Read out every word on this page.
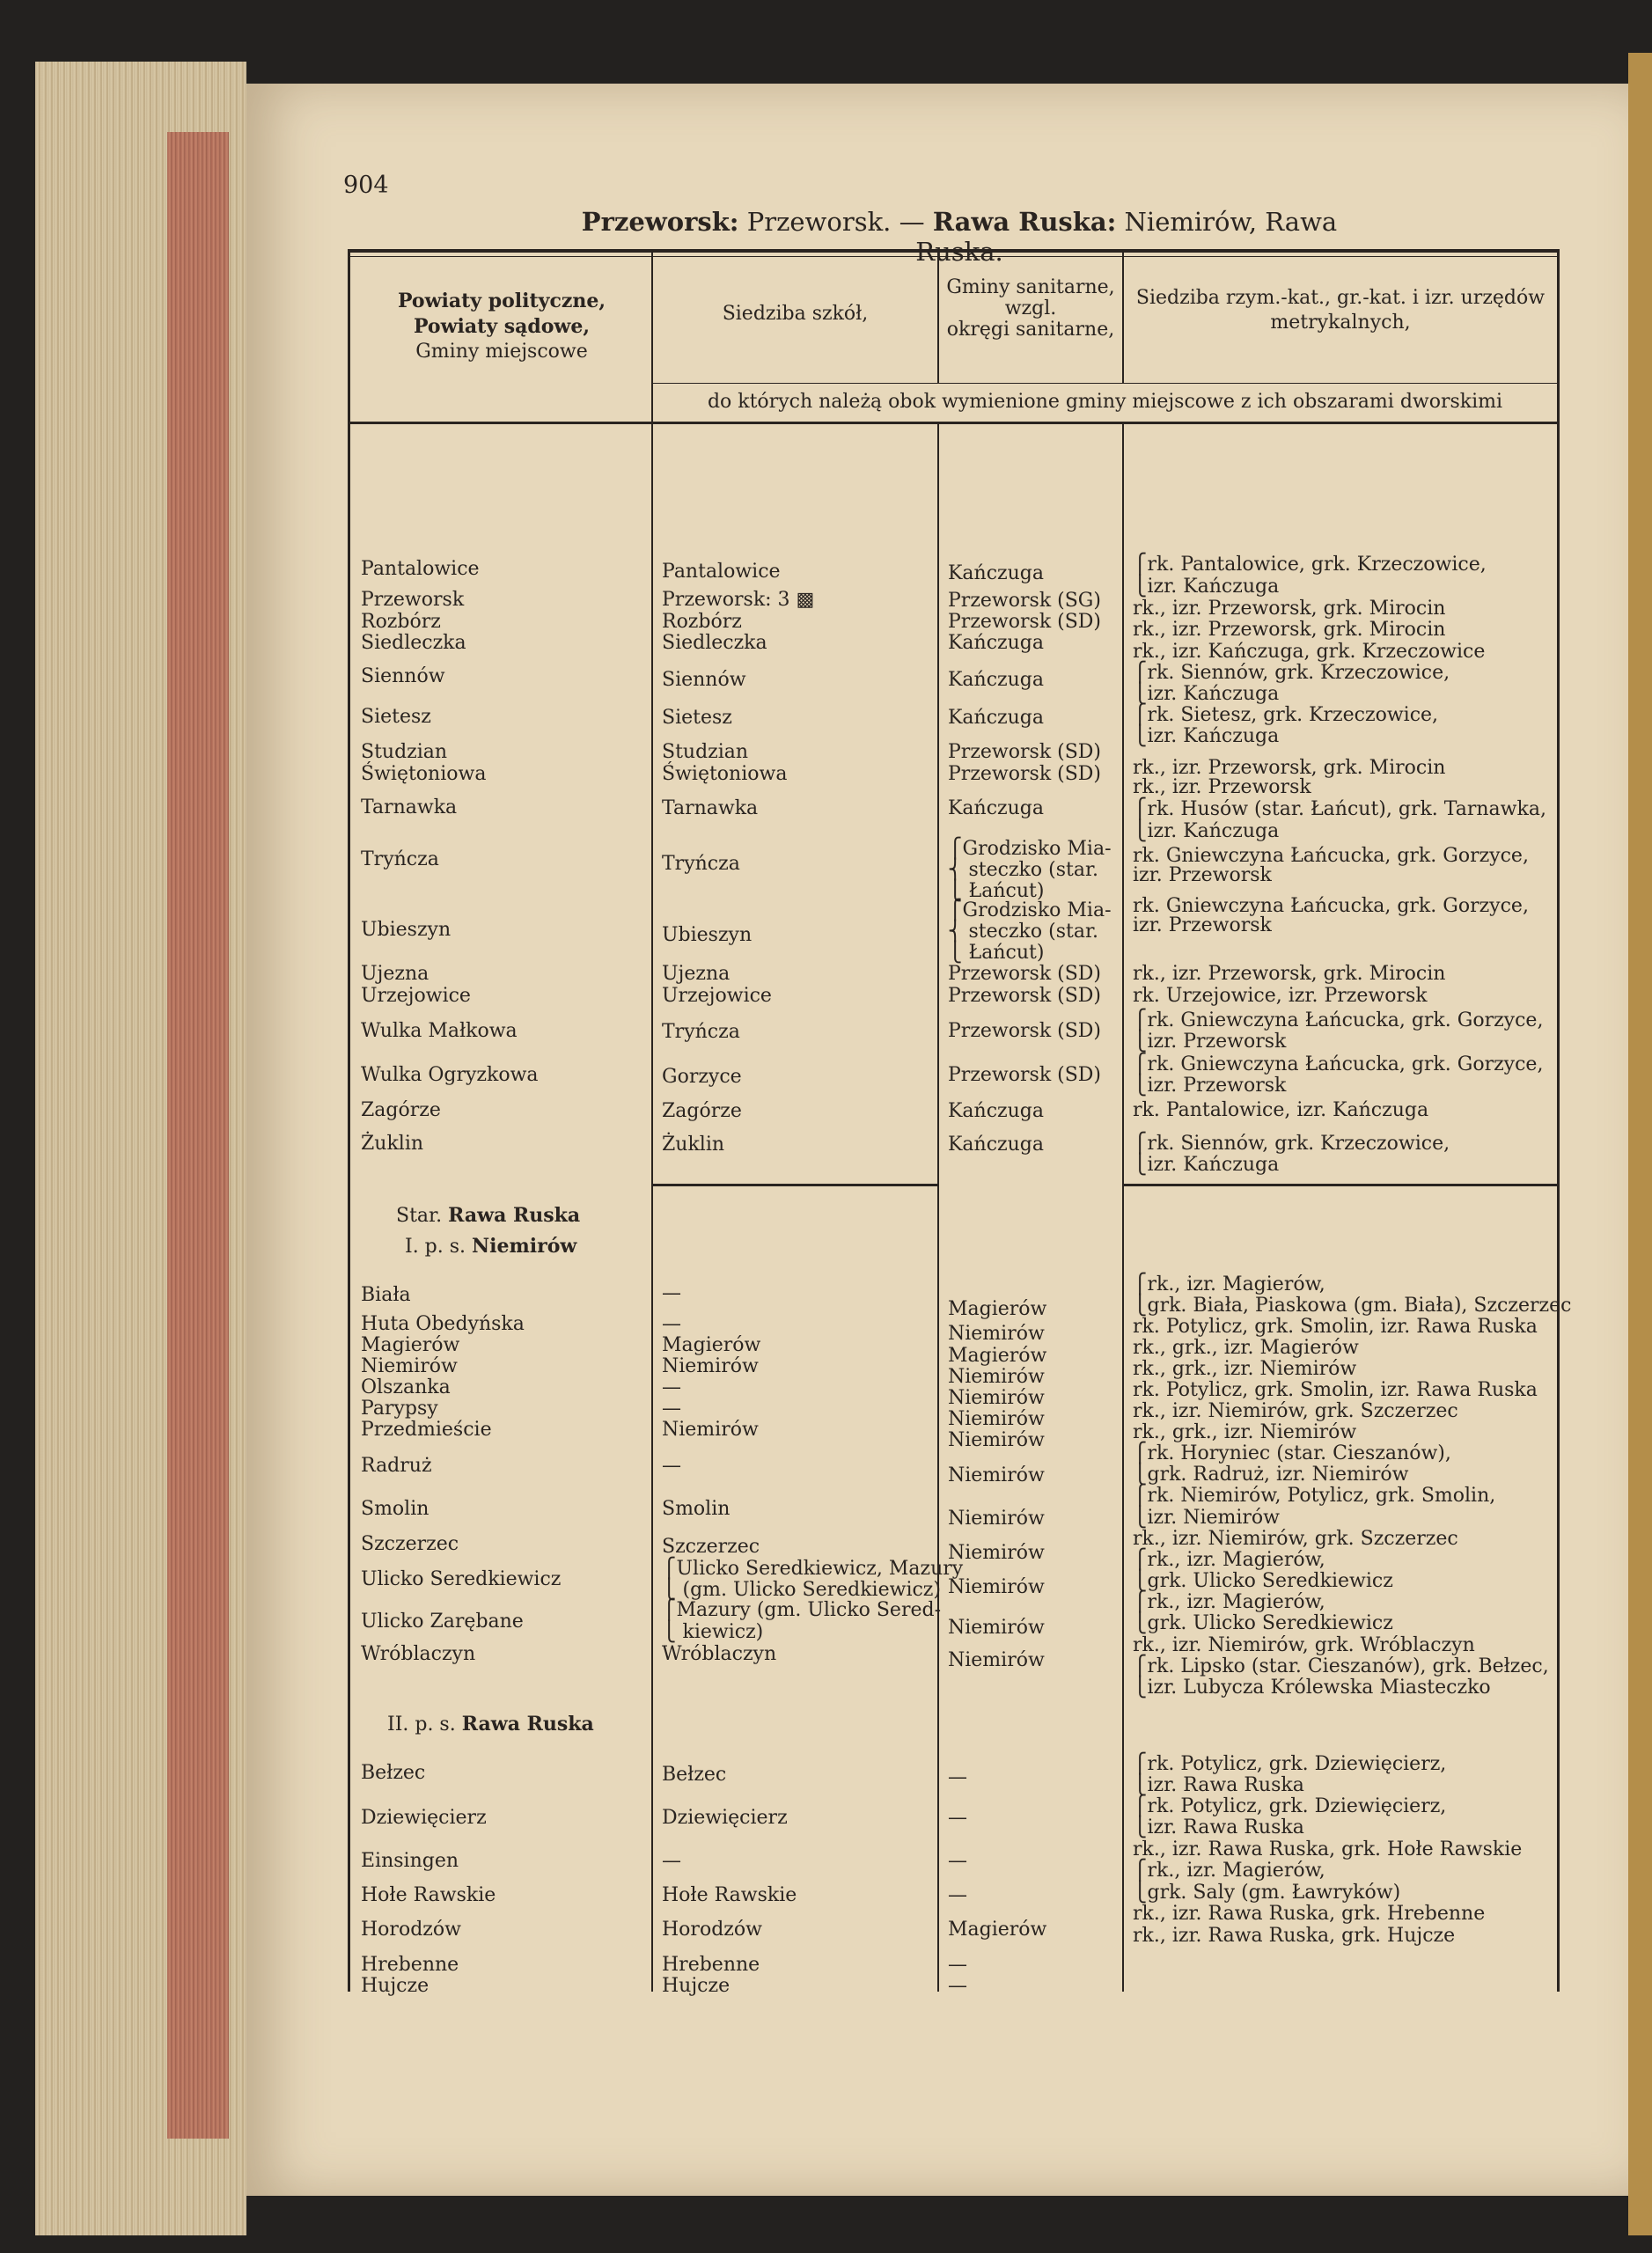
904
Przeworsk: Przeworsk. — Rawa Ruska: Niemirów, Rawa
Powiaty polityczne,
Powiaty sądowe,
Gminy miejscowe
Siedziba szkół,
Gminy sanitarne,
wzgl.
okręgi sanitarne,
Siedziba rzym.-kat., gr.-kat. i izr. urzędów
metrykalnych,
do których należą obok wymienione gminy miejscowe z ich obszarami dworskimi
Star. Rawa Ruska
I. p. s. Niemirów
II. p. s. Rawa Ruska
Pantalowice
Przeworsk
Rozbórz
Siedleczka
Siennów
Sietesz
Studzian
Świętoniowa
Tarnawka
Tryńcza
Ubieszyn
Ujezna
Urzejowice
Wulka Małkowa
Wulka Ogryzkowa
Zagórze
Żuklin
Biała
Huta Obedyńska
Magierów
Niemirów
Olszanka
Parypsy
Przedmieście
Radruż
Smolin
Szczerzec
Ulicko Seredkiewicz
Ulicko Zarębane
Wróblaczyn
Bełzec
Dziewięcierz
Einsingen
Hołe Rawskie
Horodzów
Hrebenne
Hujcze
Pantalowice
Przeworsk: 3 ▩
Rozbórz
Siedleczka
Siennów
Sietesz
Studzian
Świętoniowa
Tarnawka
Tryńcza
Ubieszyn
Ujezna
Urzejowice
Tryńcza
Gorzyce
Zagórze
Żuklin
—
—
Magierów
Niemirów
—
—
Niemirów
—
Smolin
Szczerzec
⎧Ulicko Seredkiewicz, Mazury
⎩ (gm. Ulicko Seredkiewicz)
⎧Mazury (gm. Ulicko Sered-
⎩ kiewicz)
Wróblaczyn
Bełzec
Dziewięcierz
—
Hołe Rawskie
Horodzów
Hrebenne
Hujcze
Kańczuga
Przeworsk (SG)
Przeworsk (SD)
Kańczuga
Kańczuga
Kańczuga
Przeworsk (SD)
Przeworsk (SD)
Kańczuga
⎧Grodzisko Mia-
⎨ steczko (star.
⎩ Łańcut)
⎧Grodzisko Mia-
⎨ steczko (star.
⎩ Łańcut)
Przeworsk (SD)
Przeworsk (SD)
Przeworsk (SD)
Przeworsk (SD)
Kańczuga
Kańczuga
Magierów
Niemirów
Magierów
Niemirów
Niemirów
Niemirów
Niemirów
Niemirów
Niemirów
Niemirów
Niemirów
Niemirów
Niemirów
—
—
—
—
Magierów
—
—
⎧rk. Pantalowice, grk. Krzeczowice,
⎩izr. Kańczuga
rk., izr. Przeworsk, grk. Mirocin
rk., izr. Przeworsk, grk. Mirocin
rk., izr. Kańczuga, grk. Krzeczowice
⎧rk. Siennów, grk. Krzeczowice,
⎩izr. Kańczuga
⎧rk. Sietesz, grk. Krzeczowice,
⎩izr. Kańczuga
rk., izr. Przeworsk, grk. Mirocin
rk., izr. Przeworsk
⎧rk. Husów (star. Łańcut), grk. Tarnawka,
⎩izr. Kańczuga
rk. Gniewczyna Łańcucka, grk. Gorzyce,
izr. Przeworsk
rk. Gniewczyna Łańcucka, grk. Gorzyce,
izr. Przeworsk
rk., izr. Przeworsk, grk. Mirocin
rk. Urzejowice, izr. Przeworsk
⎧rk. Gniewczyna Łańcucka, grk. Gorzyce,
⎩izr. Przeworsk
⎧rk. Gniewczyna Łańcucka, grk. Gorzyce,
⎩izr. Przeworsk
rk. Pantalowice, izr. Kańczuga
⎧rk. Siennów, grk. Krzeczowice,
⎩izr. Kańczuga
⎧rk., izr. Magierów,
⎩grk. Biała, Piaskowa (gm. Biała), Szczerzec
rk. Potylicz, grk. Smolin, izr. Rawa Ruska
rk., grk., izr. Magierów
rk., grk., izr. Niemirów
rk. Potylicz, grk. Smolin, izr. Rawa Ruska
rk., izr. Niemirów, grk. Szczerzec
rk., grk., izr. Niemirów
⎧rk. Horyniec (star. Cieszanów),
⎩grk. Radruż, izr. Niemirów
⎧rk. Niemirów, Potylicz, grk. Smolin,
⎩izr. Niemirów
rk., izr. Niemirów, grk. Szczerzec
⎧rk., izr. Magierów,
⎩grk. Ulicko Seredkiewicz
⎧rk., izr. Magierów,
⎩grk. Ulicko Seredkiewicz
rk., izr. Niemirów, grk. Wróblaczyn
⎧rk. Lipsko (star. Cieszanów), grk. Bełzec,
⎩izr. Lubycza Królewska Miasteczko
⎧rk. Potylicz, grk. Dziewięcierz,
⎩izr. Rawa Ruska
⎧rk. Potylicz, grk. Dziewięcierz,
⎩izr. Rawa Ruska
rk., izr. Rawa Ruska, grk. Hołe Rawskie
⎧rk., izr. Magierów,
⎩grk. Saly (gm. Ławryków)
rk., izr. Rawa Ruska, grk. Hrebenne
rk., izr. Rawa Ruska, grk. Hujcze
